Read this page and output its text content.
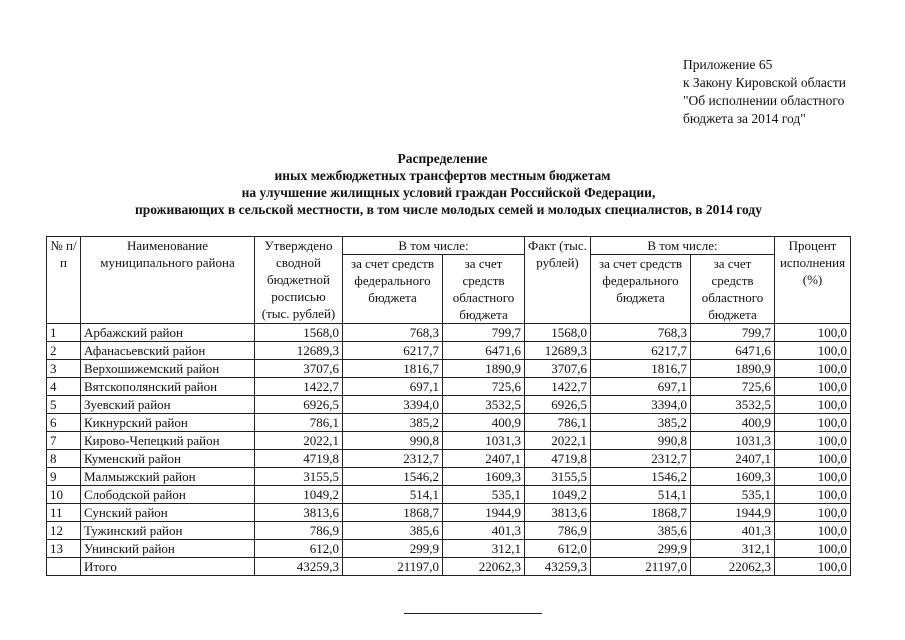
Приложение 65
к Закону Кировской области
"Об исполнении областного
бюджета за 2014 год"
Распределение
иных межбюджетных трансфертов местным бюджетам
на улучшение жилищных условий граждан Российской Федерации,
проживающих в сельской местности, в том числе молодых семей и молодых специалистов, в 2014 году
№ п/п	Наименование муниципального района	Утверждено сводной бюджетной росписью (тыс. рублей)	В том числе:		Факт (тыс. рублей)	В том числе:		Процент исполнения (%)
			за счет средств федерального бюджета	за счет средств областного бюджета		за счет средств федерального бюджета	за счет средств областного бюджета	
1	Арбажский район	1568,0	768,3	799,7	1568,0	768,3	799,7	100,0
2	Афанасьевский район	12689,3	6217,7	6471,6	12689,3	6217,7	6471,6	100,0
3	Верхошижемский район	3707,6	1816,7	1890,9	3707,6	1816,7	1890,9	100,0
4	Вятскополянский район	1422,7	697,1	725,6	1422,7	697,1	725,6	100,0
5	Зуевский район	6926,5	3394,0	3532,5	6926,5	3394,0	3532,5	100,0
6	Кикнурский район	786,1	385,2	400,9	786,1	385,2	400,9	100,0
7	Кирово-Чепецкий район	2022,1	990,8	1031,3	2022,1	990,8	1031,3	100,0
8	Куменский район	4719,8	2312,7	2407,1	4719,8	2312,7	2407,1	100,0
9	Малмыжский район	3155,5	1546,2	1609,3	3155,5	1546,2	1609,3	100,0
10	Слободской район	1049,2	514,1	535,1	1049,2	514,1	535,1	100,0
11	Сунский район	3813,6	1868,7	1944,9	3813,6	1868,7	1944,9	100,0
12	Тужинский район	786,9	385,6	401,3	786,9	385,6	401,3	100,0
13	Унинский район	612,0	299,9	312,1	612,0	299,9	312,1	100,0
	Итого	43259,3	21197,0	22062,3	43259,3	21197,0	22062,3	100,0
